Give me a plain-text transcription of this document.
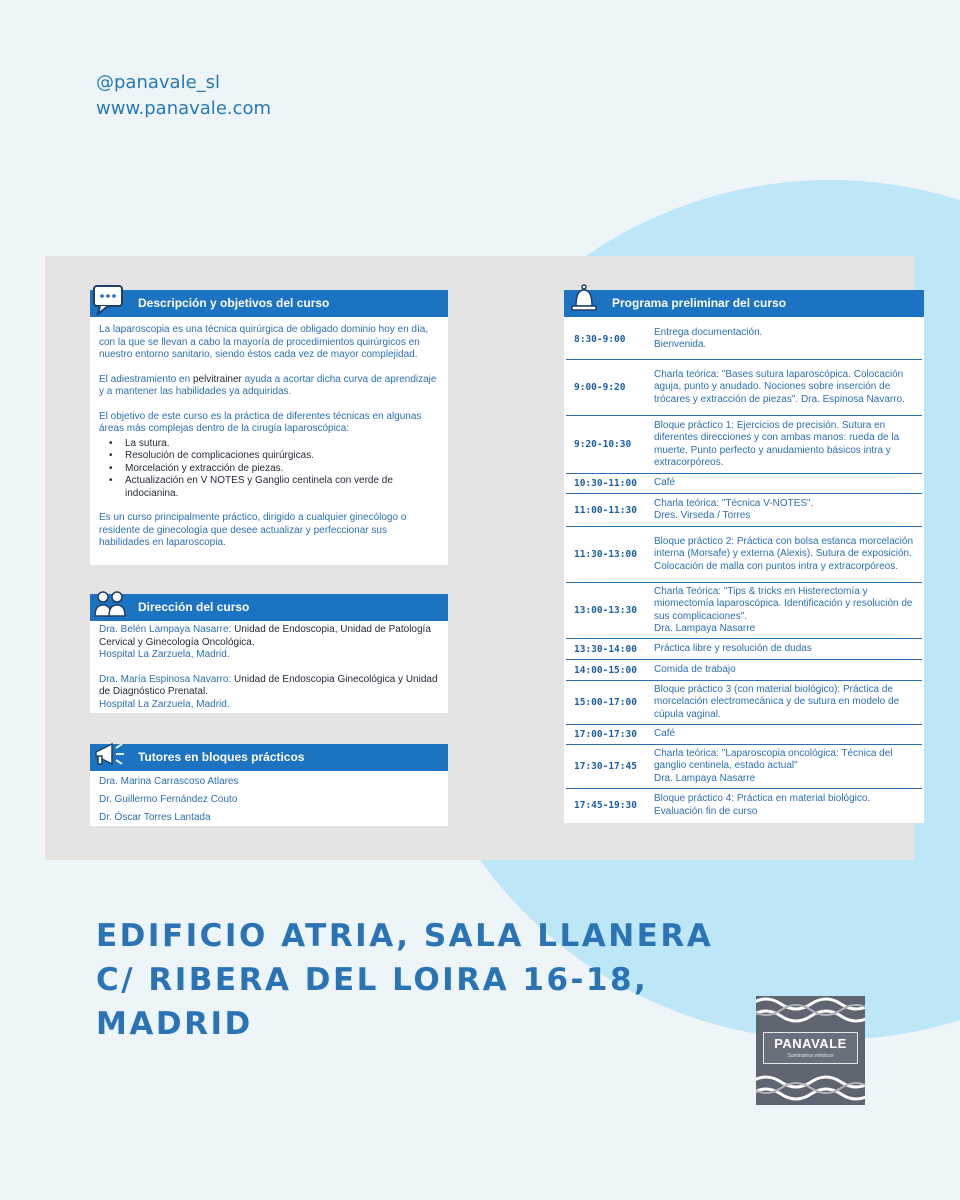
@panavale_sl
www.panavale.com
Descripción y objetivos del curso

La laparoscopia es una técnica quirúrgica de obligado dominio hoy en día, con la que se llevan a cabo la mayoría de procedimientos quirúrgicos en nuestro entorno sanitario, siendo éstos cada vez de mayor complejidad.

El adiestramiento en pelvitrainer ayuda a acortar dicha curva de aprendizaje y a mantener las habilidades ya adquiridas.

El objetivo de este curso es la práctica de diferentes técnicas en algunas áreas más complejas dentro de la cirugía laparoscópica:

• La sutura.
• Resolución de complicaciones quirúrgicas.
• Morcelación y extracción de piezas.
• Actualización en V NOTES y Ganglio centinela con verde de indocianina.

Es un curso principalmente práctico, dirigido a cualquier ginecólogo o residente de ginecología que desee actualizar y perfeccionar sus habilidades en laparoscopia.

Dirección del curso
Dra. Belén Lampaya Nasarre: Unidad de Endoscopia, Unidad de Patología Cervical y Ginecología Oncológica.
Hospital La Zarzuela, Madrid.
Dra. María Espinosa Navarro: Unidad de Endoscopia Ginecológica y Unidad de Diagnóstico Prenatal.
Hospital La Zarzuela, Madrid.
Tutores en bloques prácticos
Dra. Marina Carrascoso Atlares
Dr. Guillermo Fernández Couto
Dr. Óscar Torres Lantada
Programa preliminar del curso
8:30-9:00
Entrega documentación.
Bienvenida.
9:00-9:20
Charla teórica: "Bases sutura laparoscópica. Colocación aguja, punto y anudado. Nociones sobre inserción de trócares y extracción de piezas". Dra. Espinosa Navarro.
9:20-10:30
Bloque práctico 1: Ejercicios de precisión. Sutura en diferentes direcciones y con ambas manos: rueda de la muerte. Punto perfecto y anudamiento básicos intra y extracorpóreos.
10:30-11:00	Café
11:00-11:30
Charla teórica: "Técnica V-NOTES".
Dres. Virseda / Torres
11:30-13:00
Bloque práctico 2: Práctica con bolsa estanca morcelación interna (Morsafe) y externa (Alexis). Sutura de exposición. Colocación de malla con puntos intra y extracorpóreos.
13:00-13:30
Charla Teórica: "Tips & tricks en Histerectomía y miomectomía laparoscópica. Identificación y resolución de sus complicaciones".
Dra. Lampaya Nasarre
13:30-14:00	Práctica libre y resolución de dudas
14:00-15:00	Comida de trabajo
15:00-17:00
Bloque práctico 3 (con material biológico): Práctica de morcelación electromecánica y de sutura en modelo de cúpula vaginal.
17:00-17:30	Café
17:30-17:45
Charla teórica: "Laparoscopia oncológica: Técnica del ganglio centinela, estado actual"
Dra. Lampaya Nasarre
17:45-19:30
Bloque práctico 4: Práctica en material biológico. Evaluación fin de curso
EDIFICIO ATRIA, SALA LLANERA
C/ RIBERA DEL LOIRA 16-18,
MADRID
PANAVALE
Suministros médicos
